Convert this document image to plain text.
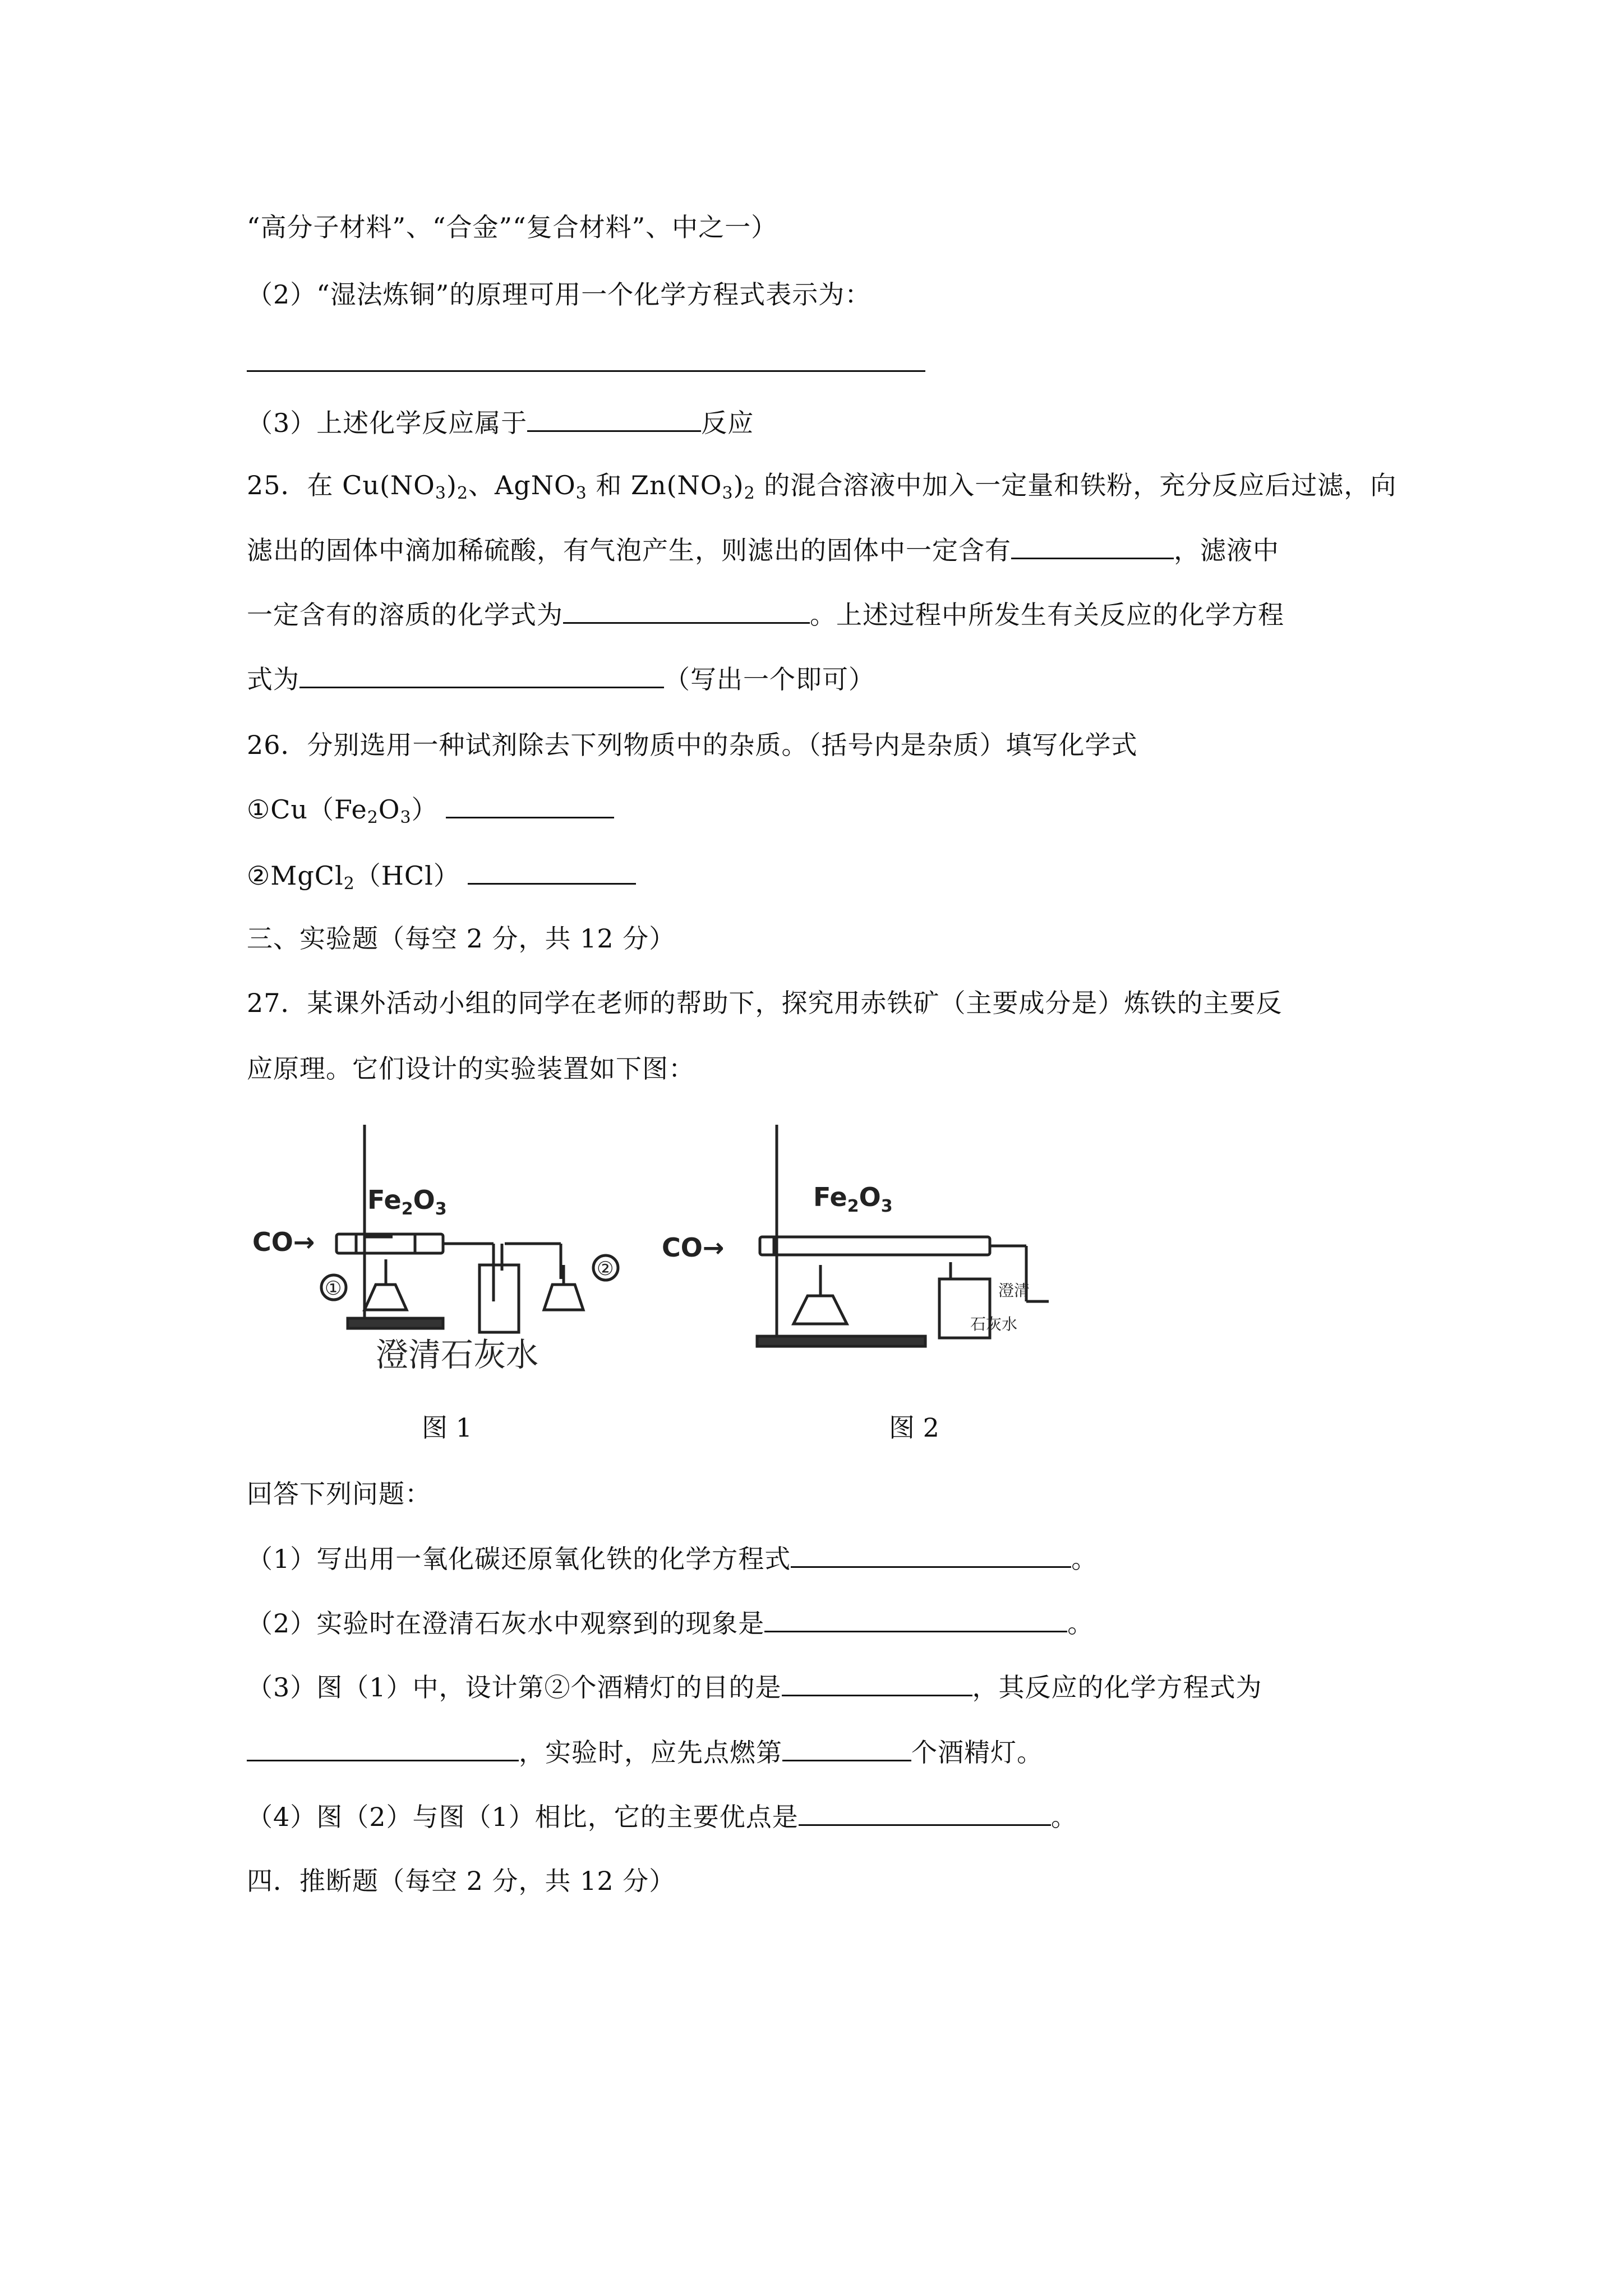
“高分子材料”、“合金”“复合材料”、中之一）
（2）“湿法炼铜”的原理可用一个化学方程式表示为：
（3）上述化学反应属于	反应
25．在 $Cu(NO_3)_2$、AgNO$_3$ 和 $Zn(NO_3)_2$ 的混合溶液中加入一定量和铁粉，充分反应后过滤，向
滤出的固体中滴加稀硫酸，有气泡产生，则滤出的固体中一定含有	，滤液中
一定含有的溶质的化学式为	。上述过程中所发生有关反应的化学方程
式为	（写出一个即可）
26．分别选用一种试剂除去下列物质中的杂质。（括号内是杂质）填写化学式
$①Cu(Fe_2O_3)$
②MgCl$_2$（HCl）
三、实验题（每空 2 分，共 12 分）
27．某课外活动小组的同学在老师的帮助下，探究用赤铁矿（主要成分是）炼铁的主要反
应原理。它们设计的实验装置如下图：
CO→
$Fe_2O_3$
①
②
澄清石灰水
CO→
$Fe_2O_3$
澄清
石灰水
图 1	图 2
回答下列问题：
（1）写出用一氧化碳还原氧化铁的化学方程式	。
（2）实验时在澄清石灰水中观察到的现象是	。
（3）图（1）中，设计第②个酒精灯的目的是	，其反应的化学方程式为
，实验时，应先点燃第	个酒精灯。
（4）图（2）与图（1）相比，它的主要优点是	。
四．推断题（每空 2 分，共 12 分）
